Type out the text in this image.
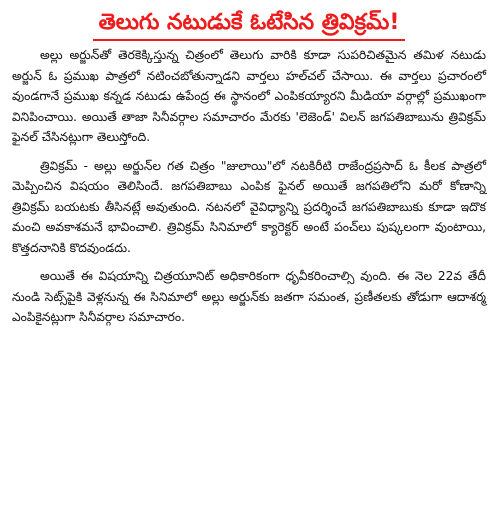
తెలుగు నటుడుకే ఓటేసిన త్రివిక్రమ్!

అల్లు అర్జున్‌తో తెరకెక్కిస్తున్న చిత్రంలో తెలుగు వారికి కూడా సుపరిచితమైన తమిళ నటుడు అర్జున్ ఓ ప్రముఖ పాత్రలో నటించబోతున్నాడని వార్తలు హల్‌చల్ చేసాయి. ఈ వార్తలు ప్రచారంలో వుండగానే ప్రముఖ కన్నడ నటుడు ఉపేంద్ర ఈ స్థానంలో ఎంపికయ్యారని మీడియా వర్గాల్లో ప్రముఖంగా వినిపించాయి. అయితే తాజా సినీవర్గాల సమాచారం మేరకు 'లెజెండ్' విలన్ జగపతిబాబును త్రివిక్రమ్ ఫైనల్ చేసినట్లుగా తెలుస్తోంది.

త్రివిక్రమ్ - అల్లు అర్జున్‌ల గత చిత్రం "జులాయి"లో నటకిరీటి రాజేంద్రప్రసాద్ ఓ కీలక పాత్రలో మెప్పించిన విషయం తెలిసిందే. జగపతిబాబు ఎంపిక ఫైనల్ అయితే జగపతిలోని మరో కోణాన్ని త్రివిక్రమ్ బయటకు తీసినట్లే అవుతుంది. నటనలో వైవిధ్యాన్ని ప్రదర్శించే జగపతిబాబుకు కూడా ఇదొక మంచి అవకాశమనే భావించాలి. త్రివిక్రమ్ సినిమాలో క్యారెక్టర్ అంటే పంచ్‌లు పుష్కలంగా వుంటాయి, కొత్తదనానికి కొదవుండదు.

అయితే ఈ విషయాన్ని చిత్రయూనిట్ అధికారికంగా ధృవీకరించాల్సి వుంది. ఈ నెల 22వ తేదీ నుండి సెట్స్‌పైకి వెళ్లనున్న ఈ సినిమాలో అల్లు అర్జున్‌కు జతగా సమంత, ప్రణీతలకు తోడుగా ఆదాశర్మ ఎంపికైనట్లుగా సినీవర్గాల సమాచారం.
